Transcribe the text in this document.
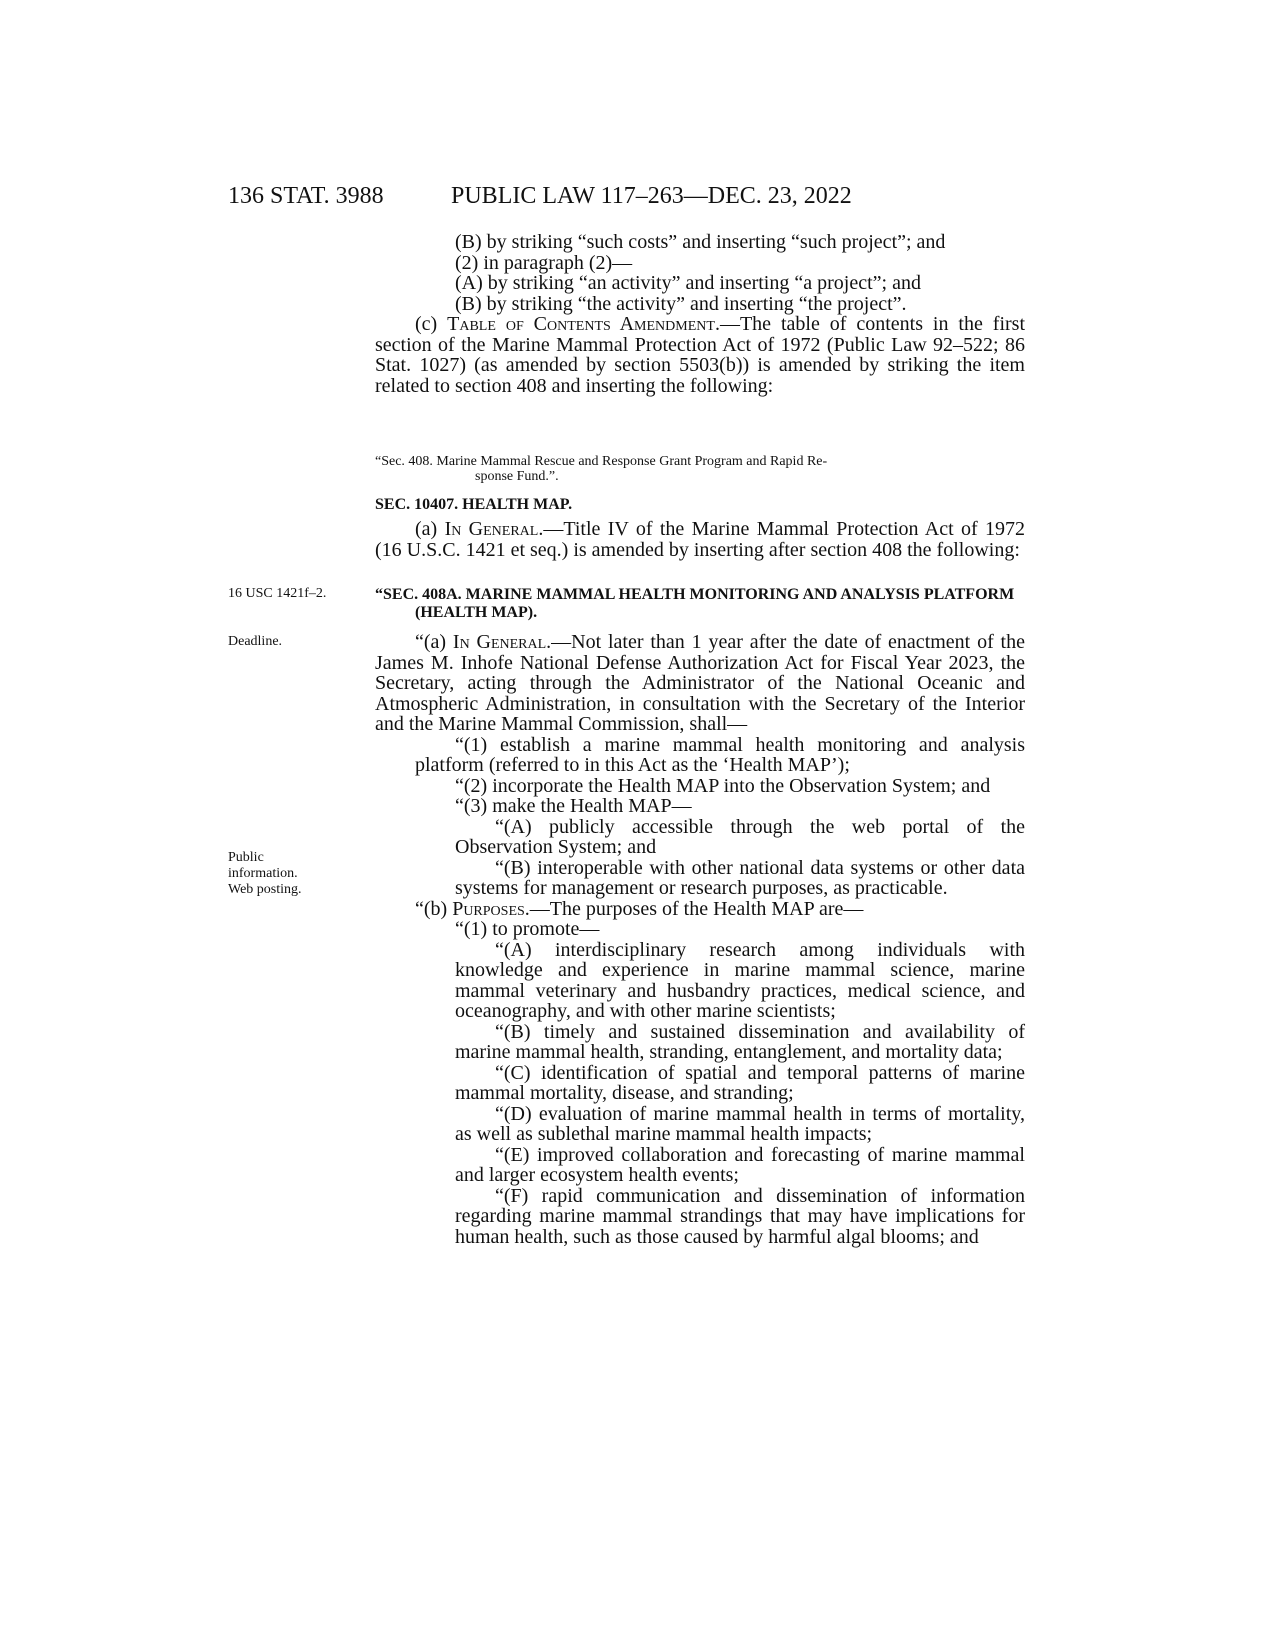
136 STAT. 3988	PUBLIC LAW 117–263—DEC. 23, 2022
16 USC 1421f–2.
Deadline.
Public
information.
Web posting.

(B) by striking “such costs” and inserting “such project”; and

(2) in paragraph (2)—

(A) by striking “an activity” and inserting “a project”; and

(B) by striking “the activity” and inserting “the project”.

(c) Table of Contents Amendment.—The table of contents in the first section of the Marine Mammal Protection Act of 1972 (Public Law 92–522; 86 Stat. 1027) (as amended by section 5503(b)) is amended by striking the item related to section 408 and inserting the following:

“Sec. 408. Marine Mammal Rescue and Response Grant Program and Rapid Re-
sponse Fund.”.
SEC. 10407. HEALTH MAP.

(a) In General.—Title IV of the Marine Mammal Protection Act of 1972 (16 U.S.C. 1421 et seq.) is amended by inserting after section 408 the following:

“SEC. 408A. MARINE MAMMAL HEALTH MONITORING AND ANALYSIS PLATFORM (HEALTH MAP).

“(a) In General.—Not later than 1 year after the date of enactment of the James M. Inhofe National Defense Authorization Act for Fiscal Year 2023, the Secretary, acting through the Administrator of the National Oceanic and Atmospheric Administration, in consultation with the Secretary of the Interior and the Marine Mammal Commission, shall—

“(1) establish a marine mammal health monitoring and analysis platform (referred to in this Act as the ‘Health MAP’);

“(2) incorporate the Health MAP into the Observation System; and

“(3) make the Health MAP—

“(A) publicly accessible through the web portal of the Observation System; and

“(B) interoperable with other national data systems or other data systems for management or research purposes, as practicable.

“(b) Purposes.—The purposes of the Health MAP are—

“(1) to promote—

“(A) interdisciplinary research among individuals with knowledge and experience in marine mammal science, marine mammal veterinary and husbandry practices, medical science, and oceanography, and with other marine scientists;

“(B) timely and sustained dissemination and availability of marine mammal health, stranding, entanglement, and mortality data;

“(C) identification of spatial and temporal patterns of marine mammal mortality, disease, and stranding;

“(D) evaluation of marine mammal health in terms of mortality, as well as sublethal marine mammal health impacts;

“(E) improved collaboration and forecasting of marine mammal and larger ecosystem health events;

“(F) rapid communication and dissemination of information regarding marine mammal strandings that may have implications for human health, such as those caused by harmful algal blooms; and
